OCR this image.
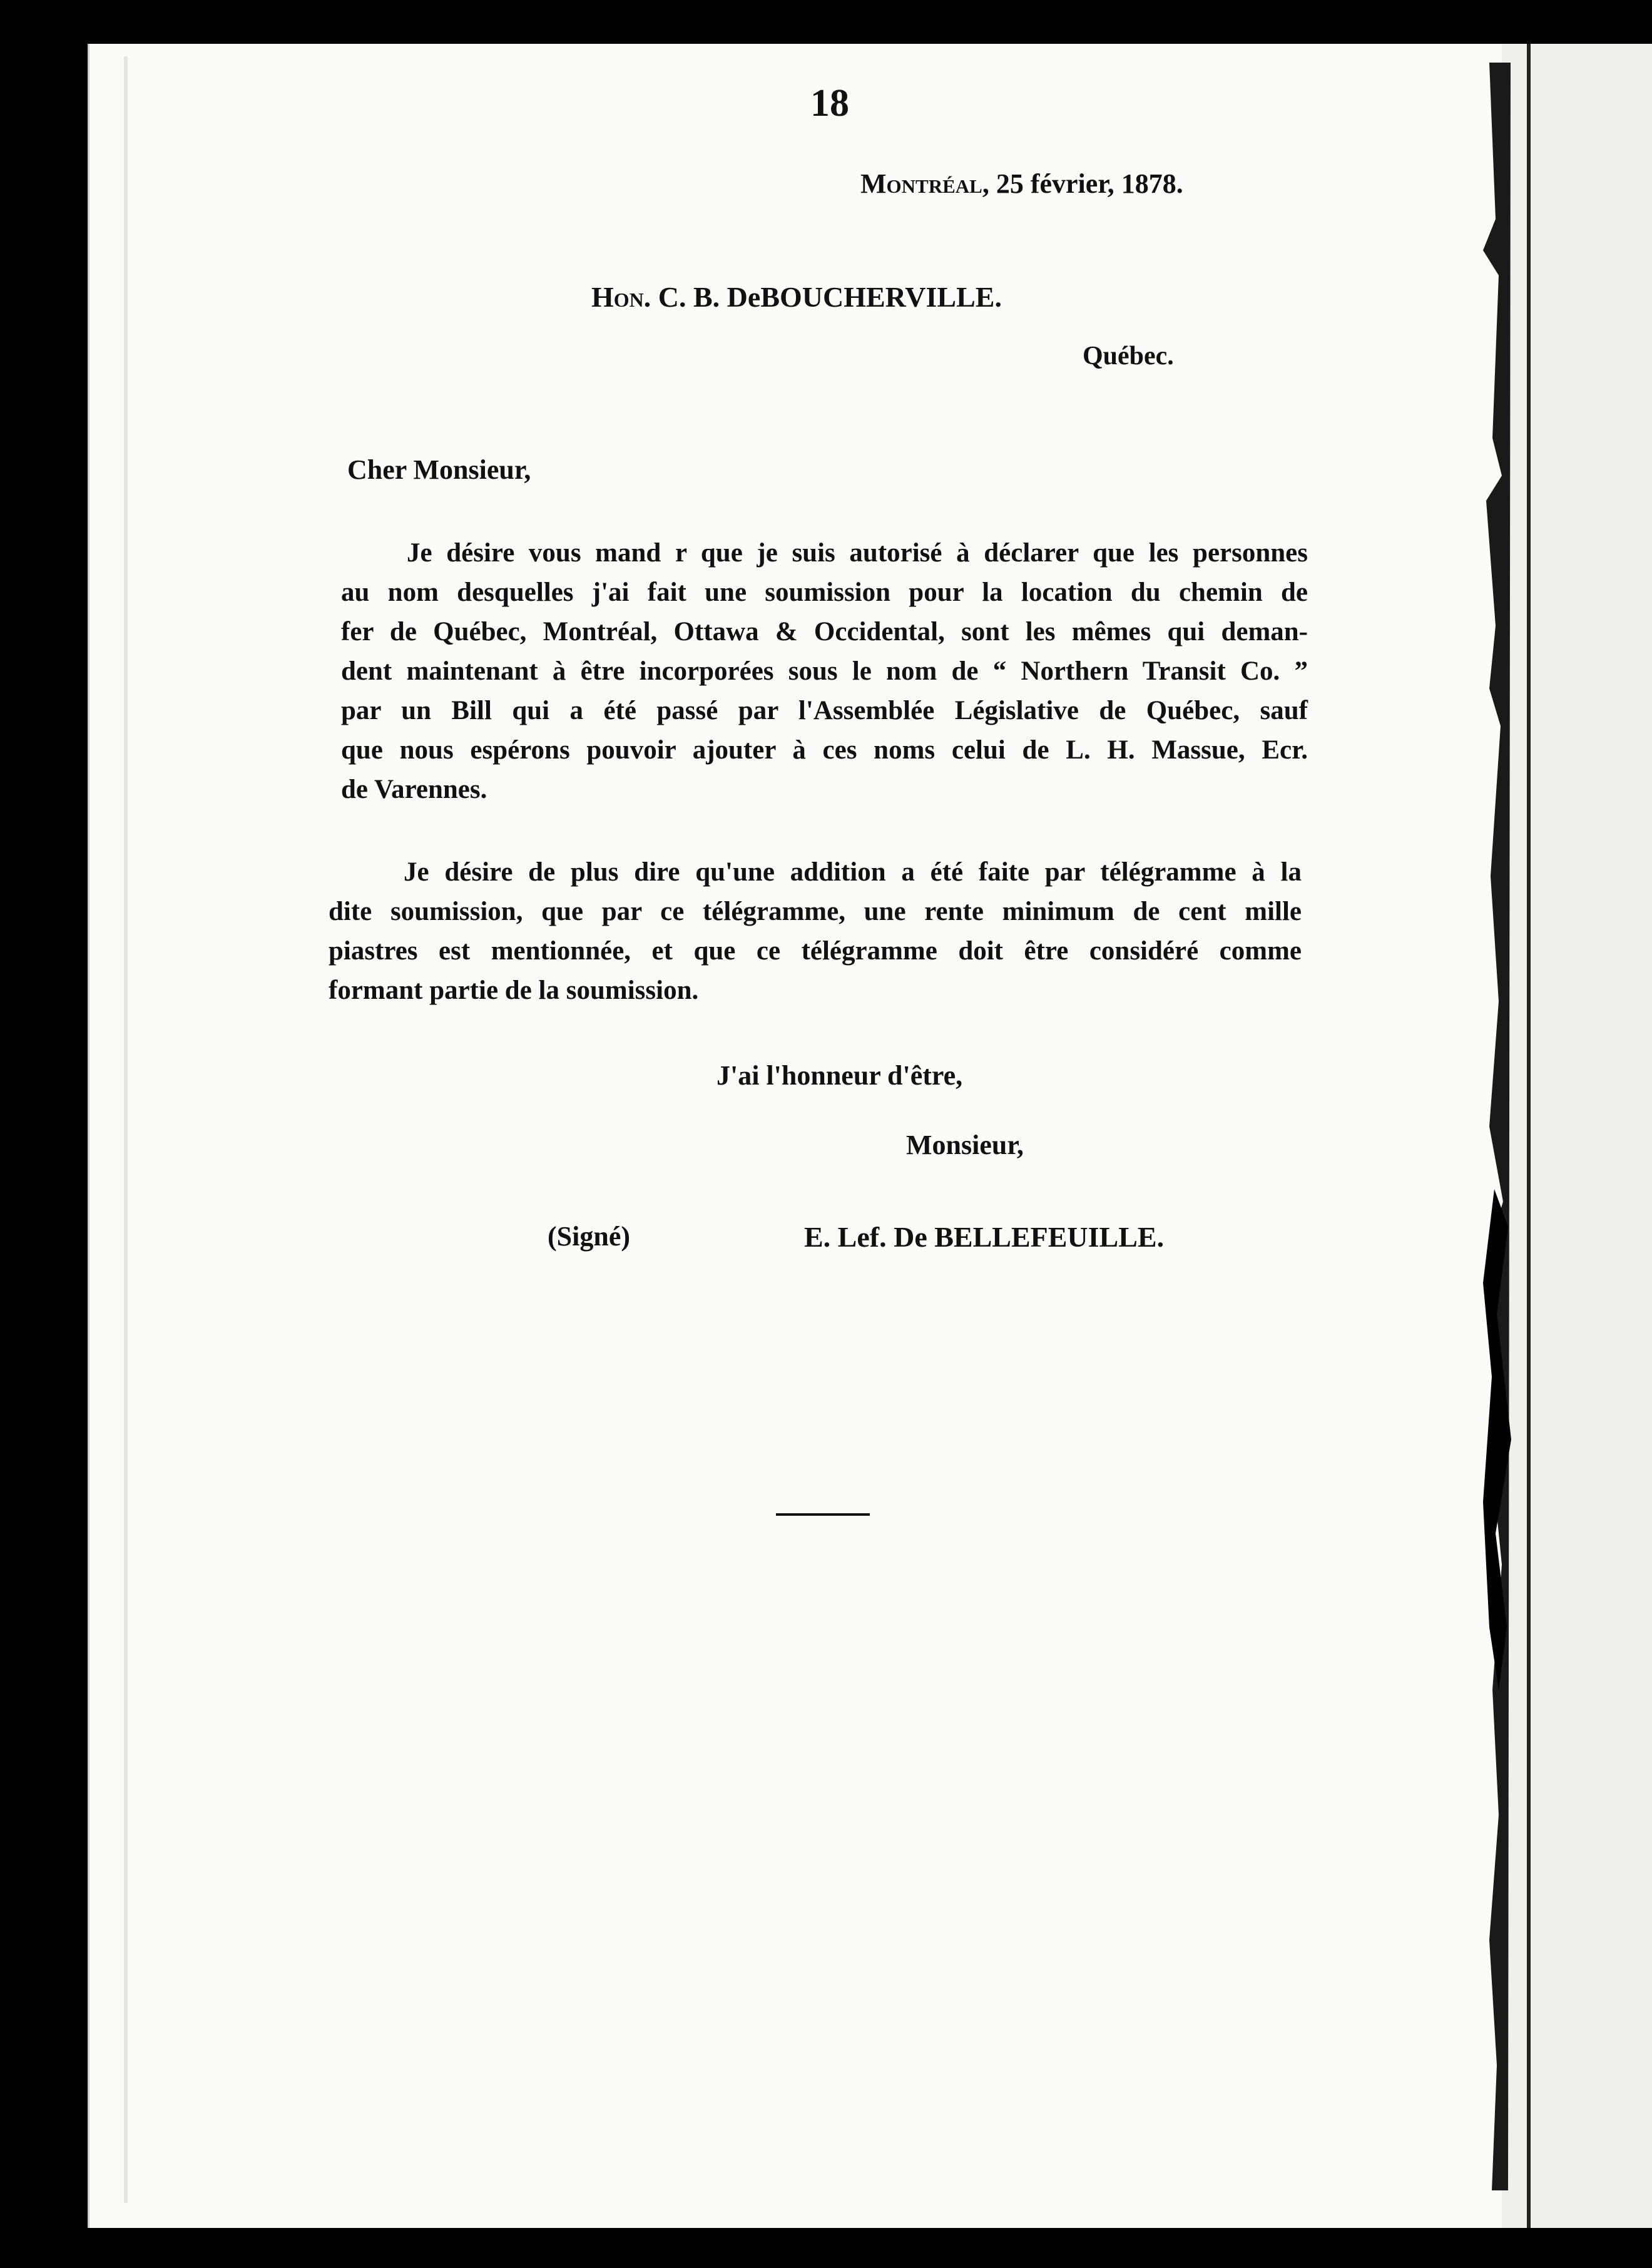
18
Montréal, 25 février, 1878.
Hon. C. B. DeBOUCHERVILLE.
Québec.
Cher Monsieur,
Je désire vous mand r que je suis autorisé à déclarer que les personnes
au nom desquelles j'ai fait une soumission pour la location du chemin de
fer de Québec, Montréal, Ottawa & Occidental, sont les mêmes qui deman-
dent maintenant à être incorporées sous le nom de “ Northern Transit Co. ”
par un Bill qui a été passé par l'Assemblée Législative de Québec, sauf
que nous espérons pouvoir ajouter à ces noms celui de L. H. Massue, Ecr.
de Varennes.
Je désire de plus dire qu'une addition a été faite par télégramme à la
dite soumission, que par ce télégramme, une rente minimum de cent mille
piastres est mentionnée, et que ce télégramme doit être considéré comme
formant partie de la soumission.
J'ai l'honneur d'être,
Monsieur,
(Signé)	E. Lef. De BELLEFEUILLE.
